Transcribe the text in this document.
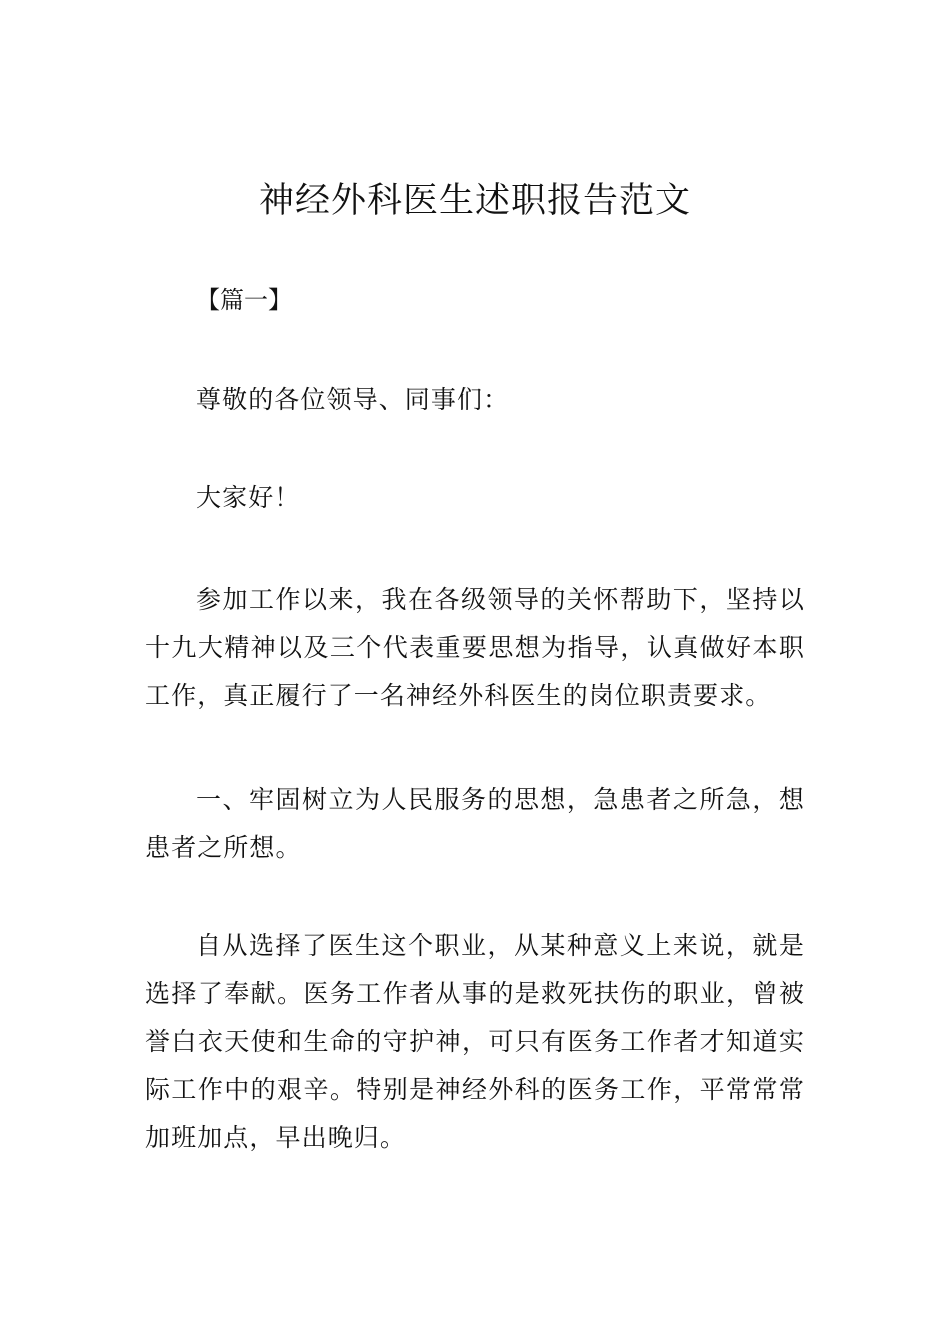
神经外科医生述职报告范文

【篇一】

尊敬的各位领导、同事们：

大家好！

参加工作以来，我在各级领导的关怀帮助下，坚持以十九大精神以及三个代表重要思想为指导，认真做好本职工作，真正履行了一名神经外科医生的岗位职责要求。

一、牢固树立为人民服务的思想，急患者之所急，想患者之所想。

自从选择了医生这个职业，从某种意义上来说，就是选择了奉献。医务工作者从事的是救死扶伤的职业，曾被誉白衣天使和生命的守护神，可只有医务工作者才知道实际工作中的艰辛。特别是神经外科的医务工作，平常常常加班加点，早出晚归。
